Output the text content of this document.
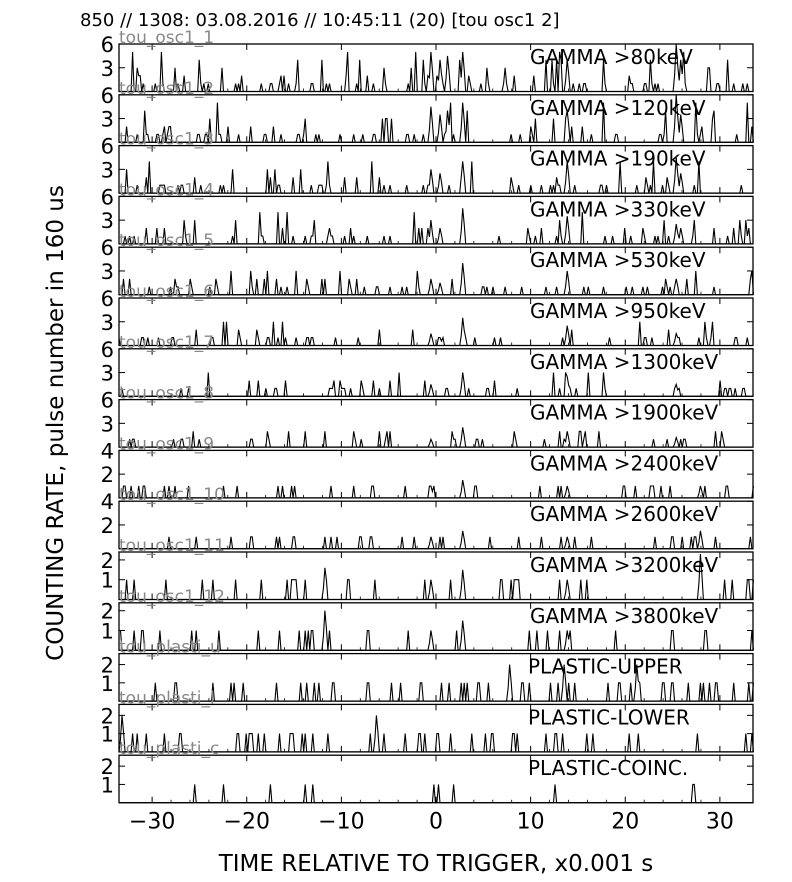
850 // 1308: 03.08.2016 // 10:45:11 (20) [tou osc1 2]
3
6 tou_osc1_1
GAMMA >80keV
3
6 tou_osc1_2
GAMMA >120keV
3
6 tou_osc1_3
GAMMA >190keV
3
6 tou_osc1_4
GAMMA >330keV
3
6 tou_osc1_5
GAMMA >530keV
3
6 tou_osc1_6
GAMMA >950keV
3
6 tou_osc1_7
GAMMA >1300keV
3
6 tou_osc1_8
GAMMA >1900keV
2
4 tou_osc1_9
GAMMA >2400keV
2
4 tou_osc1_10
GAMMA >2600keV
1
2
tou_osc1_11
GAMMA >3200keV
1
2
tou_osc1_12
GAMMA >3800keV
1
2
tou_plasti_u
PLASTIC-UPPER
1
2
tou_plasti_l
PLASTIC-LOWER
1
2
tou_plasti_c
PLASTIC-COINC.
−30 −20 −10	0	10	20	30
COUNTING RATE, pulse number in 160 us
TIME RELATIVE TO TRIGGER, x0.001 s
